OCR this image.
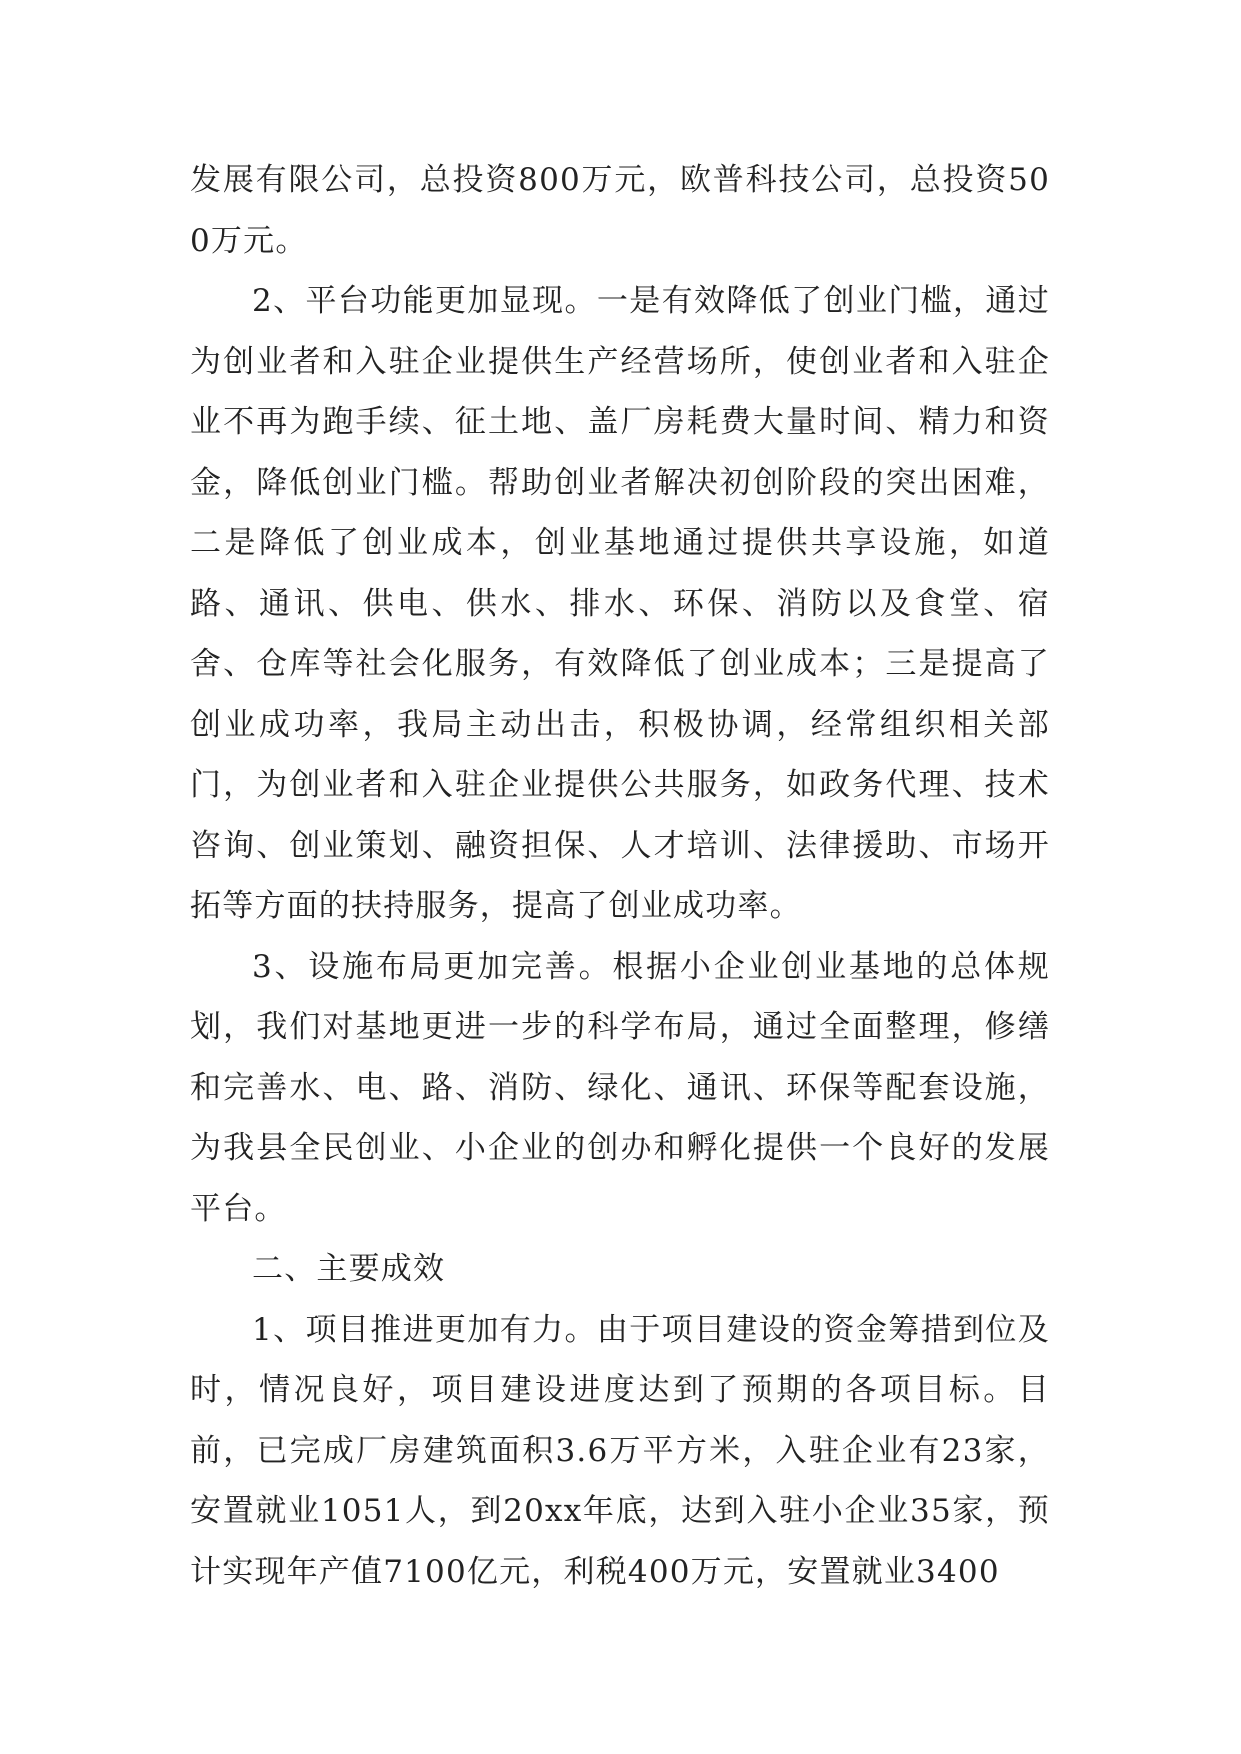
发展有限公司，总投资800万元，欧普科技公司，总投资500万元。

2、平台功能更加显现。一是有效降低了创业门槛，通过为创业者和入驻企业提供生产经营场所，使创业者和入驻企业不再为跑手续、征土地、盖厂房耗费大量时间、精力和资金，降低创业门槛。帮助创业者解决初创阶段的突出困难，二是降低了创业成本，创业基地通过提供共享设施，如道路、通讯、供电、供水、排水、环保、消防以及食堂、宿舍、仓库等社会化服务，有效降低了创业成本；三是提高了创业成功率，我局主动出击，积极协调，经常组织相关部门，为创业者和入驻企业提供公共服务，如政务代理、技术咨询、创业策划、融资担保、人才培训、法律援助、市场开拓等方面的扶持服务，提高了创业成功率。

3、设施布局更加完善。根据小企业创业基地的总体规划，我们对基地更进一步的科学布局，通过全面整理，修缮和完善水、电、路、消防、绿化、通讯、环保等配套设施，为我县全民创业、小企业的创办和孵化提供一个良好的发展平台。

二、主要成效

1、项目推进更加有力。由于项目建设的资金筹措到位及时，情况良好，项目建设进度达到了预期的各项目标。目前，已完成厂房建筑面积3.6万平方米，入驻企业有23家，安置就业1051人，到20xx年底，达到入驻小企业35家，预计实现年产值7100亿元，利税400万元，安置就业3400
